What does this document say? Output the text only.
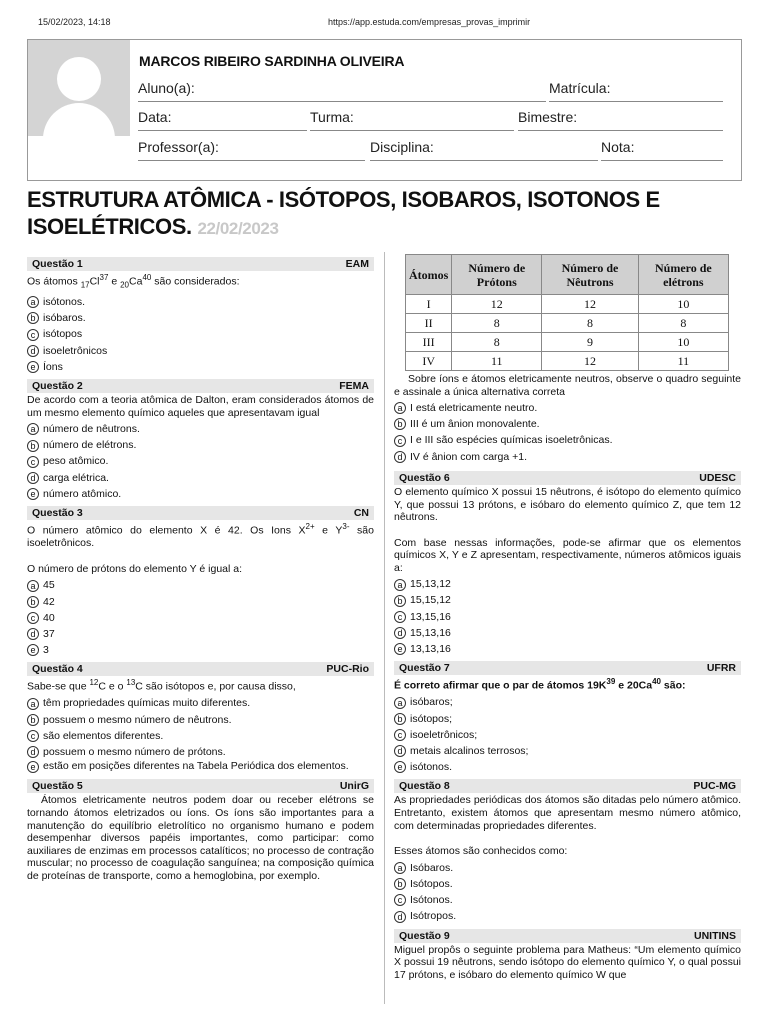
15/02/2023, 14:18	https://app.estuda.com/empresas_provas_imprimir
MARCOS RIBEIRO SARDINHA OLIVEIRA
Aluno(a):	Matrícula:
Data:	Turma:	Bimestre:
Professor(a):	Disciplina:	Nota:
ESTRUTURA ATÔMICA - ISÓTOPOS, ISOBAROS, ISOTONOS E ISOELÉTRICOS. 22/02/2023
Questão 1	EAM
Os átomos $_{17}Cl^{37}$ e $_{20}Ca^{40}$ são considerados:
a isótonos.
b isóbaros.
c isótopos
d isoeletrônicos
e Íons
Questão 2	FEMA
De acordo com a teoria atômica de Dalton, eram considerados átomos de um mesmo elemento químico aqueles que apresentavam igual
a número de nêutrons.
b número de elétrons.
c peso atômico.
d carga elétrica.
e número atômico.
Questão 3	CN
O número atômico do elemento X é 42. Os Ions $X^{2+}$ e $Y^{3-}$ são isoeletrônicos.
O número de prótons do elemento Y é igual a:
a 45
b 42
c 40
d 37
e 3
Questão 4	PUC-Rio
Sabe-se que $^{12}$C e o $^{13}$C são isótopos e, por causa disso,
a têm propriedades químicas muito diferentes.
b possuem o mesmo número de nêutrons.
c são elementos diferentes.
d possuem o mesmo número de prótons.
e estão em posições diferentes na Tabela Periódica dos elementos.
Questão 5	UnirG
Átomos eletricamente neutros podem doar ou receber elétrons se tornando átomos eletrizados ou íons. Os íons são importantes para a manutenção do equilíbrio eletrolítico no organismo humano e podem desempenhar diversos papéis importantes, como participar: como auxiliares de enzimas em processos catalíticos; no processo de contração muscular; no processo de coagulação sanguínea; na composição química de proteínas de transporte, como a hemoglobina, por exemplo.
Átomos	Número de Prótons	Número de Nêutrons	Número de elétrons
I	12	12	10
II	8	8	8
III	8	9	10
IV	11	12	11
Sobre íons e átomos eletricamente neutros, observe o quadro seguinte e assinale a única alternativa correta
a I está eletricamente neutro.
b III é um ânion monovalente.
c I e III são espécies químicas isoeletrônicas.
d IV é ânion com carga +1.
Questão 6	UDESC
O elemento químico X possui 15 nêutrons, é isótopo do elemento químico Y, que possui 13 prótons, e isóbaro do elemento químico Z, que tem 12 nêutrons.
Com base nessas informações, pode-se afirmar que os elementos químicos X, Y e Z apresentam, respectivamente, números atômicos iguais a:
a 15,13,12
b 15,15,12
c 13,15,16
d 15,13,16
e 13,13,16
Questão 7	UFRR
É correto afirmar que o par de átomos $19K^{39}$ e 20Ca$^{40}$ são:
a isóbaros;
b isótopos;
c isoeletrônicos;
d metais alcalinos terrosos;
e isótonos.
Questão 8	PUC-MG
As propriedades periódicas dos átomos são ditadas pelo número atômico. Entretanto, existem átomos que apresentam mesmo número atômico, com determinadas propriedades diferentes.
Esses átomos são conhecidos como:
a Isóbaros.
b Isótopos.
c Isótonos.
d Isótropos.
Questão 9	UNITINS
Miguel propôs o seguinte problema para Matheus: “Um elemento químico X possui 19 nêutrons, sendo isótopo do elemento químico Y, o qual possui 17 prótons, e isóbaro do elemento químico W que
